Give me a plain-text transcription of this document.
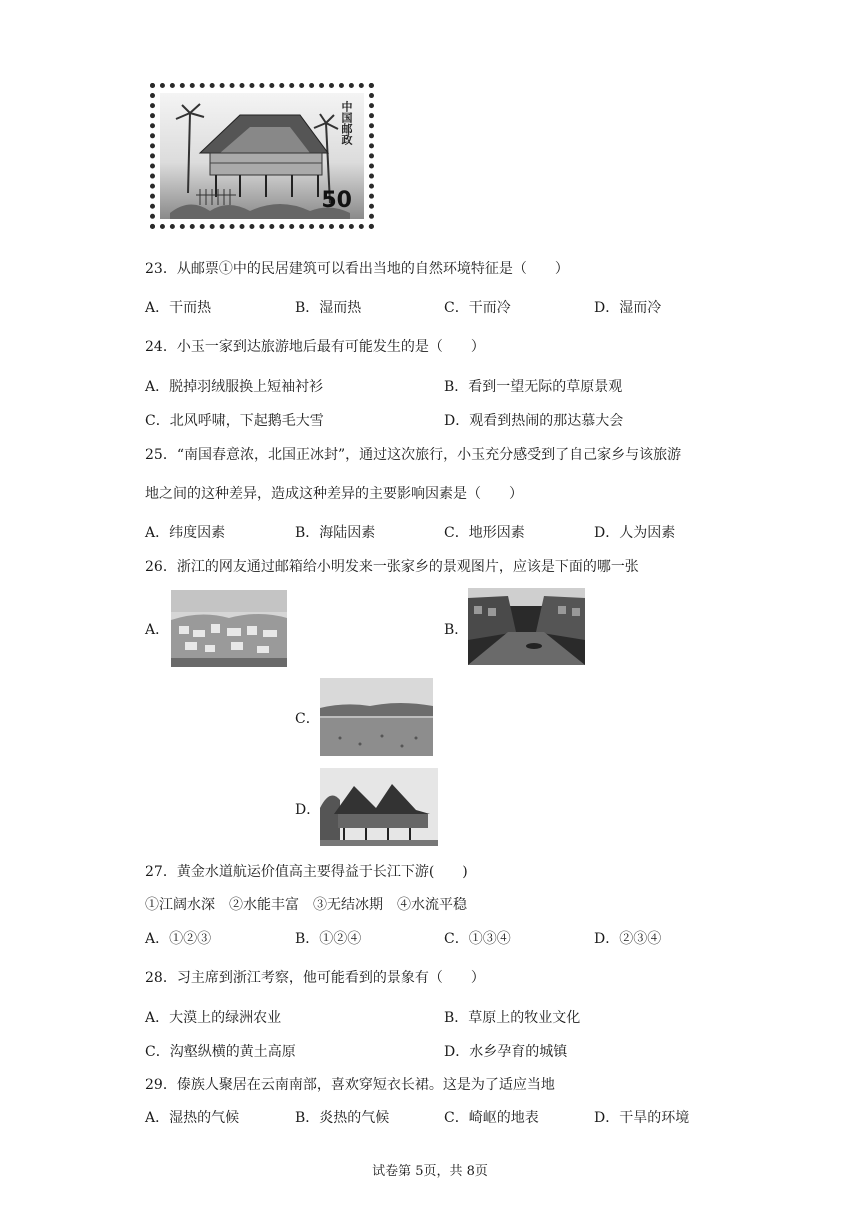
中国邮政
50
23．从邮票①中的民居建筑可以看出当地的自然环境特征是（　　）
A．干而热	B．湿而热	C．干而冷	D．湿而冷
24．小玉一家到达旅游地后最有可能发生的是（　　）
A．脱掉羽绒服换上短袖衬衫	B．看到一望无际的草原景观
C．北风呼啸，下起鹅毛大雪	D．观看到热闹的那达慕大会
25．“南国春意浓，北国正冰封”，通过这次旅行，小玉充分感受到了自己家乡与该旅游
地之间的这种差异，造成这种差异的主要影响因素是（　　）
A．纬度因素	B．海陆因素	C．地形因素	D．人为因素
26．浙江的网友通过邮箱给小明发来一张家乡的景观图片，应该是下面的哪一张
A．	B．
C．
D．
27．黄金水道航运价值高主要得益于长江下游(　　)
①江阔水深　②水能丰富　③无结冰期　④水流平稳
A．①②③	B．①②④	C．①③④	D．②③④
28．习主席到浙江考察，他可能看到的景象有（　　）
A．大漠上的绿洲农业	B．草原上的牧业文化
C．沟壑纵横的黄土高原	D．水乡孕育的城镇
29．傣族人聚居在云南南部，喜欢穿短衣长裙。这是为了适应当地
A．湿热的气候	B．炎热的气候	C．崎岖的地表	D．干旱的环境
试卷第 5页，共 8页
